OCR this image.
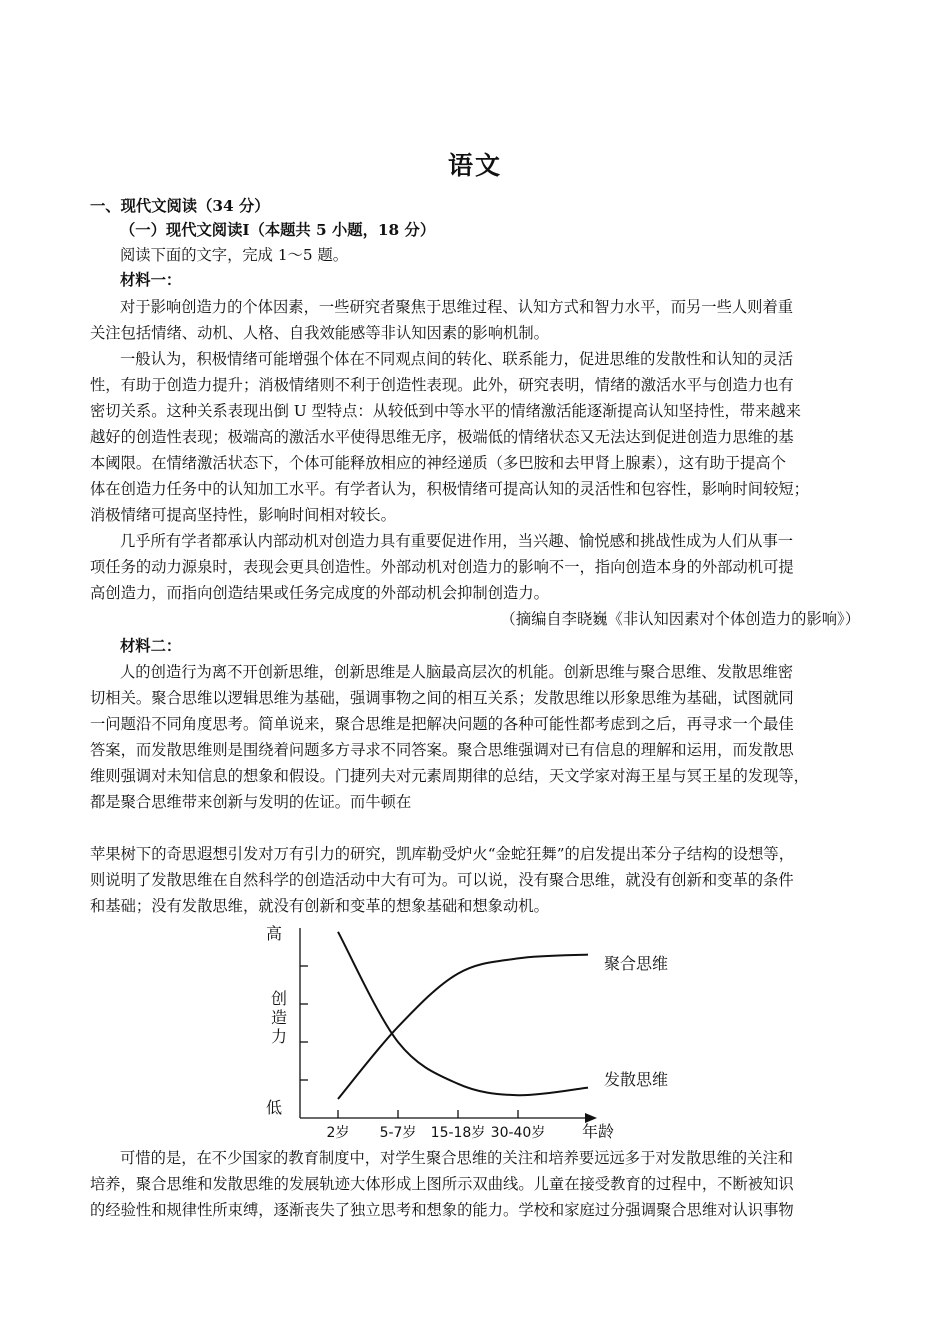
语文
一、现代文阅读（34 分）
（一）现代文阅读Ⅰ（本题共 5 小题，18 分）
阅读下面的文字，完成 1～5 题。
材料一：
对于影响创造力的个体因素，一些研究者聚焦于思维过程、认知方式和智力水平，而另一些人则着重
关注包括情绪、动机、人格、自我效能感等非认知因素的影响机制。
一般认为，积极情绪可能增强个体在不同观点间的转化、联系能力，促进思维的发散性和认知的灵活
性，有助于创造力提升；消极情绪则不利于创造性表现。此外，研究表明，情绪的激活水平与创造力也有
密切关系。这种关系表现出倒 U 型特点：从较低到中等水平的情绪激活能逐渐提高认知坚持性，带来越来
越好的创造性表现；极端高的激活水平使得思维无序，极端低的情绪状态又无法达到促进创造力思维的基
本阈限。在情绪激活状态下，个体可能释放相应的神经递质（多巴胺和去甲肾上腺素），这有助于提高个
体在创造力任务中的认知加工水平。有学者认为，积极情绪可提高认知的灵活性和包容性，影响时间较短；
消极情绪可提高坚持性，影响时间相对较长。
几乎所有学者都承认内部动机对创造力具有重要促进作用，当兴趣、愉悦感和挑战性成为人们从事一
项任务的动力源泉时，表现会更具创造性。外部动机对创造力的影响不一，指向创造本身的外部动机可提
高创造力，而指向创造结果或任务完成度的外部动机会抑制创造力。
（摘编自李晓巍《非认知因素对个体创造力的影响》）
材料二：
人的创造行为离不开创新思维，创新思维是人脑最高层次的机能。创新思维与聚合思维、发散思维密
切相关。聚合思维以逻辑思维为基础，强调事物之间的相互关系；发散思维以形象思维为基础，试图就同
一问题沿不同角度思考。简单说来，聚合思维是把解决问题的各种可能性都考虑到之后，再寻求一个最佳
答案，而发散思维则是围绕着问题多方寻求不同答案。聚合思维强调对已有信息的理解和运用，而发散思
维则强调对未知信息的想象和假设。门捷列夫对元素周期律的总结，天文学家对海王星与冥王星的发现等，
都是聚合思维带来创新与发明的佐证。而牛顿在
苹果树下的奇思遐想引发对万有引力的研究，凯库勒受炉火“金蛇狂舞”的启发提出苯分子结构的设想等，
则说明了发散思维在自然科学的创造活动中大有可为。可以说，没有聚合思维，就没有创新和变革的条件
和基础；没有发散思维，就没有创新和变革的想象基础和想象动机。
高
低
创造力
年龄
2岁 5-7岁 15-18岁 30-40岁
聚合思维
发散思维
可惜的是，在不少国家的教育制度中，对学生聚合思维的关注和培养要远远多于对发散思维的关注和
培养，聚合思维和发散思维的发展轨迹大体形成上图所示双曲线。儿童在接受教育的过程中，不断被知识
的经验性和规律性所束缚，逐渐丧失了独立思考和想象的能力。学校和家庭过分强调聚合思维对认识事物
